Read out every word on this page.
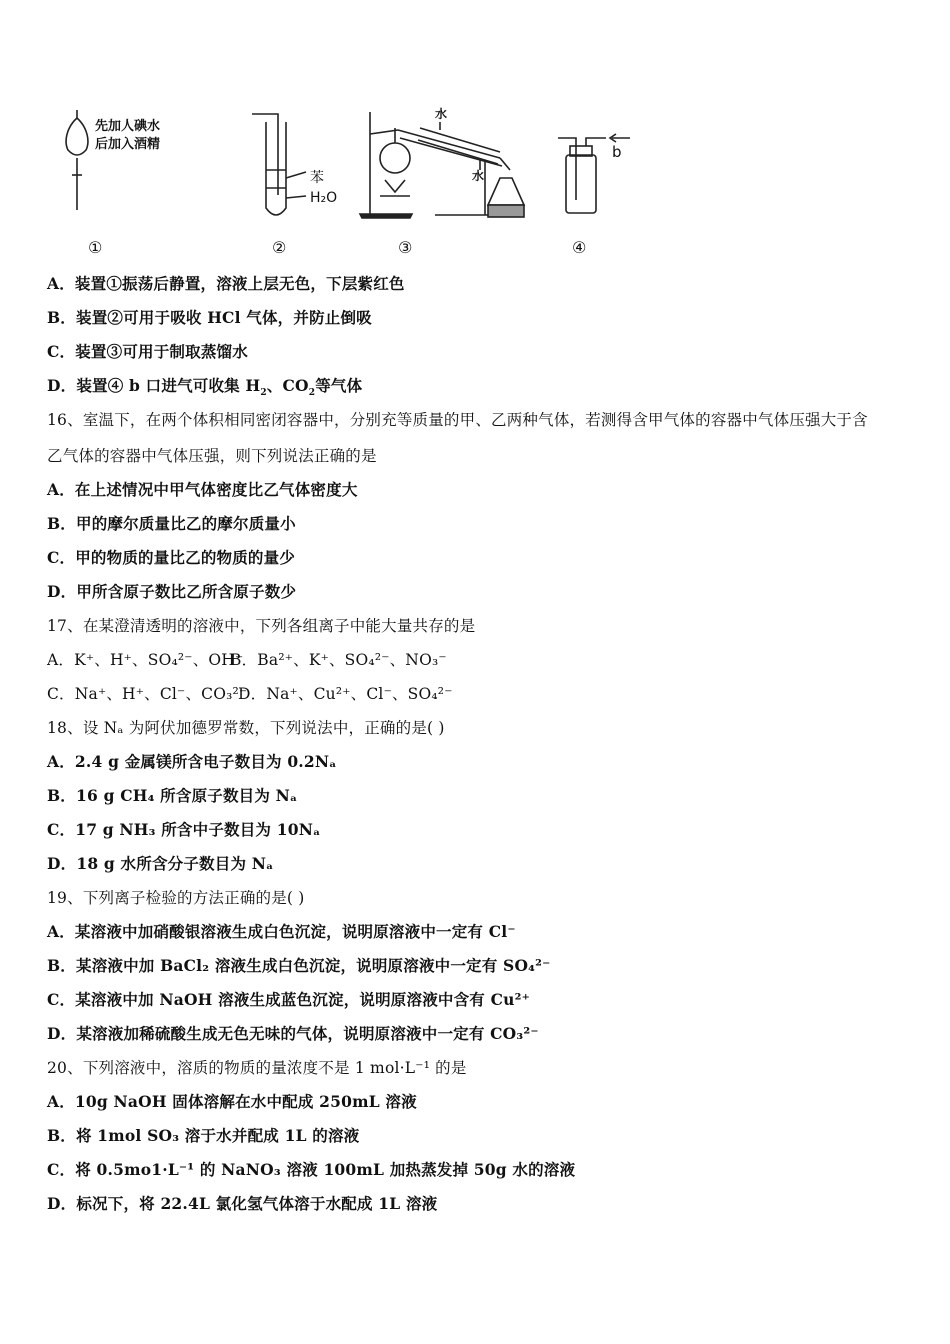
先加人碘水
后加入酒精
苯
H₂O
水
水
b
①	②	③	④
A．装置①振荡后静置，溶液上层无色，下层紫红色
B．装置②可用于吸收 HCl 气体，并防止倒吸
C．装置③可用于制取蒸馏水
D．装置④ b 口进气可收集 $H_2$、$CO_2$等气体
16、室温下，在两个体积相同密闭容器中，分别充等质量的甲、乙两种气体，若测得含甲气体的容器中气体压强大于含
乙气体的容器中气体压强，则下列说法正确的是
A．在上述情况中甲气体密度比乙气体密度大
B．甲的摩尔质量比乙的摩尔质量小
C．甲的物质的量比乙的物质的量少
D．甲所含原子数比乙所含原子数少
17、在某澄清透明的溶液中，下列各组离子中能大量共存的是
A．K⁺、H⁺、SO₄²⁻、OH⁻
B．Ba²⁺、K⁺、SO₄²⁻、NO₃⁻
C．Na⁺、H⁺、Cl⁻、CO₃²⁻
D．Na⁺、Cu²⁺、Cl⁻、SO₄²⁻
18、设 Nₐ 为阿伏加德罗常数，下列说法中，正确的是( )
A．2.4 g 金属镁所含电子数目为 0.2Nₐ
B．16 g CH₄ 所含原子数目为 Nₐ
C．17 g NH₃ 所含中子数目为 10Nₐ
D．18 g 水所含分子数目为 Nₐ
19、下列离子检验的方法正确的是( )
A．某溶液中加硝酸银溶液生成白色沉淀，说明原溶液中一定有 Cl⁻
B．某溶液中加 BaCl₂ 溶液生成白色沉淀，说明原溶液中一定有 SO₄²⁻
C．某溶液中加 NaOH 溶液生成蓝色沉淀，说明原溶液中含有 Cu²⁺
D．某溶液加稀硫酸生成无色无味的气体，说明原溶液中一定有 CO₃²⁻
20、下列溶液中，溶质的物质的量浓度不是 1 mol·L⁻¹ 的是
A．10g NaOH 固体溶解在水中配成 250mL 溶液
B．将 1mol SO₃ 溶于水并配成 1L 的溶液
C．将 0.5mo1·L⁻¹ 的 NaNO₃ 溶液 100mL 加热蒸发掉 50g 水的溶液
D．标况下，将 22.4L 氯化氢气体溶于水配成 1L 溶液
